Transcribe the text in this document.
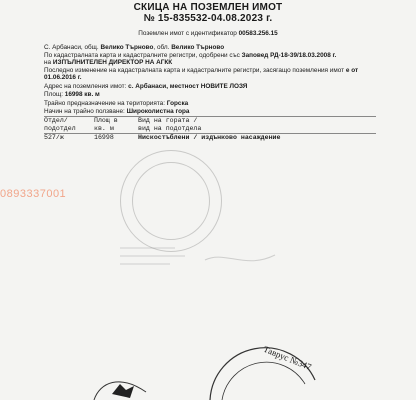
СКИЦА НА ПОЗЕМЛЕН ИМОТ
№ 15-835532-04.08.2023 г.
Поземлен имот с идентификатор 00583.256.15
С. Арбанаси, общ. Велико Търново, обл. Велико Търново
По кадастралната карта и кадастралните регистри, одобрени със Заповед РД-18-39/18.03.2008 г.
на ИЗПЪЛНИТЕЛЕН ДИРЕКТОР НА АГКК
Последно изменение на кадастралната карта и кадастралните регистри, засягащо поземления имот е от
01.06.2016 г.
Адрес на поземления имот: с. Арбанаси, местност НОВИТЕ ЛОЗЯ
Площ: 16998 кв. м
Трайно предназначение на територията: Горска
Начин на трайно ползване: Широколистна гора
Отдел/	Площ в	Вид на гората /
подотдел	кв. м	вид на подотдела
527/ж	16998	Нискостъблени / издънково насаждение
0893337001
Таврус №347
